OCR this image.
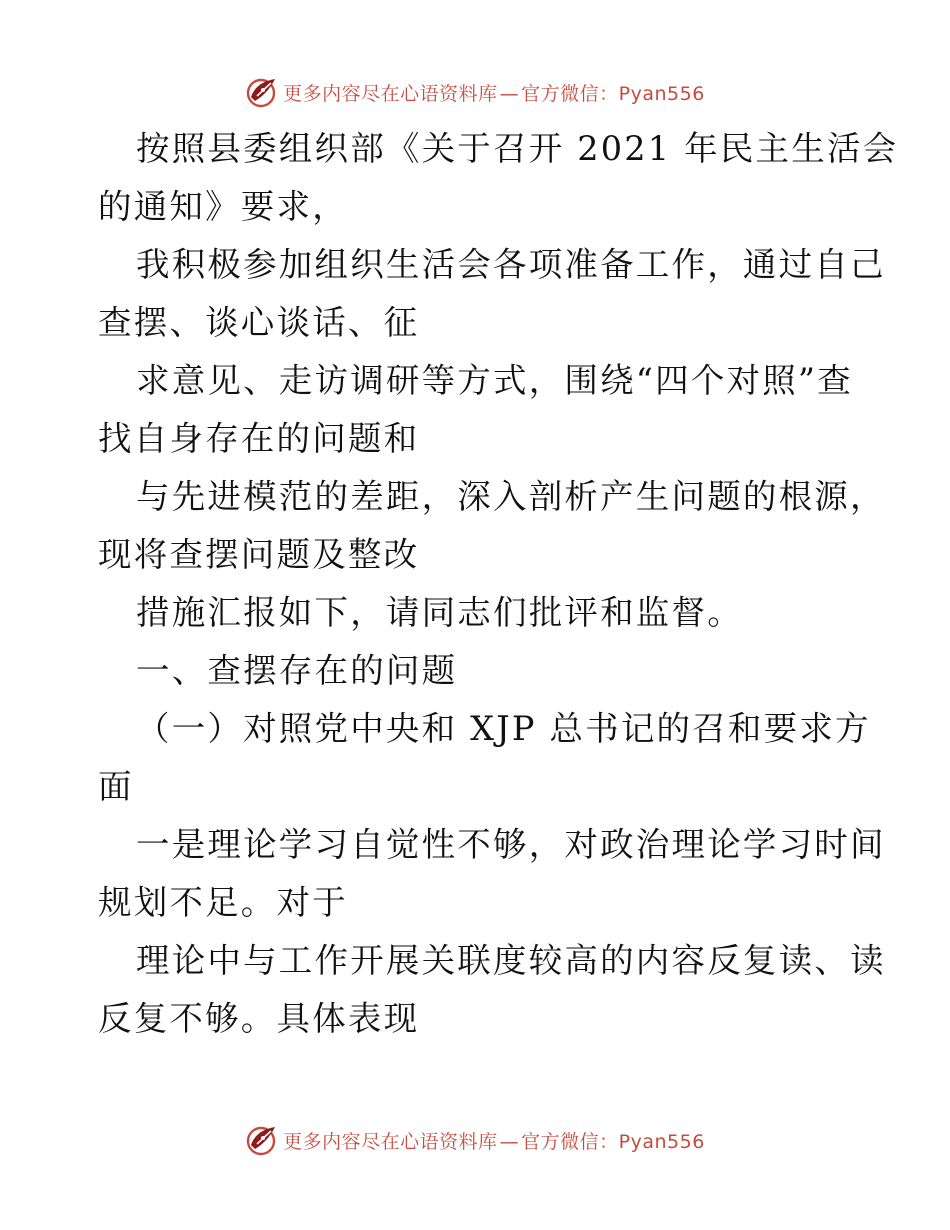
更多内容尽在心语资料库 — 官方微信：Pyan556
按照县委组织部《关于召开 2021 年民主生活会
的通知》要求，
我积极参加组织生活会各项准备工作，通过自己
查摆、谈心谈话、征
求意见、走访调研等方式，围绕“四个对照”查
找自身存在的问题和
与先进模范的差距，深入剖析产生问题的根源，
现将查摆问题及整改
措施汇报如下，请同志们批评和监督。
一、查摆存在的问题
（一）对照党中央和 XJP 总书记的召和要求方
面
一是理论学习自觉性不够，对政治理论学习时间
规划不足。对于
理论中与工作开展关联度较高的内容反复读、读
反复不够。具体表现
更多内容尽在心语资料库 — 官方微信：Pyan556
